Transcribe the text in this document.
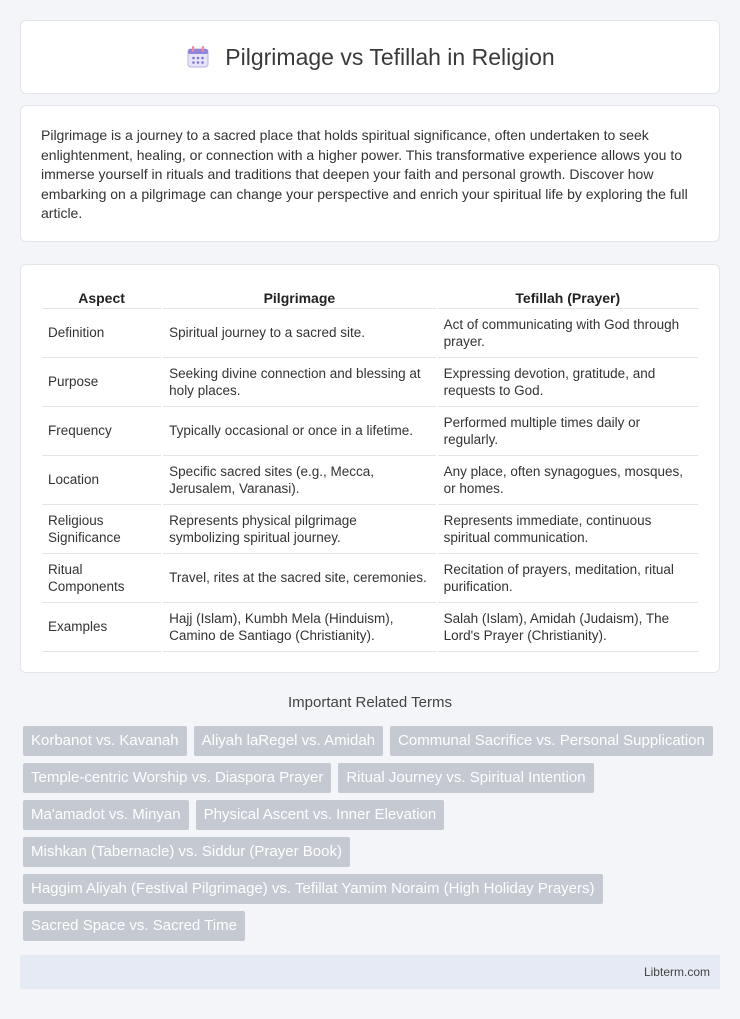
Pilgrimage vs Tefillah in Religion

Pilgrimage is a journey to a sacred place that holds spiritual significance, often undertaken to seek enlightenment, healing, or connection with a higher power. This transformative experience allows you to immerse yourself in rituals and traditions that deepen your faith and personal growth. Discover how embarking on a pilgrimage can change your perspective and enrich your spiritual life by exploring the full article.

Aspect	Pilgrimage	Tefillah (Prayer)
Definition	Spiritual journey to a sacred site.	Act of communicating with God through prayer.
Purpose	Seeking divine connection and blessing at holy places.	Expressing devotion, gratitude, and requests to God.
Frequency	Typically occasional or once in a lifetime.	Performed multiple times daily or regularly.
Location	Specific sacred sites (e.g., Mecca, Jerusalem, Varanasi).	Any place, often synagogues, mosques, or homes.
Religious Significance	Represents physical pilgrimage symbolizing spiritual journey.	Represents immediate, continuous spiritual communication.
Ritual Components	Travel, rites at the sacred site, ceremonies.	Recitation of prayers, meditation, ritual purification.
Examples	Hajj (Islam), Kumbh Mela (Hinduism), Camino de Santiago (Christianity).	Salah (Islam), Amidah (Judaism), The Lord's Prayer (Christianity).
Important Related Terms
Korbanot vs. Kavanah	Aliyah laRegel vs. Amidah	Communal Sacrifice vs. Personal Supplication
Temple-centric Worship vs. Diaspora Prayer	Ritual Journey vs. Spiritual Intention
Ma'amadot vs. Minyan	Physical Ascent vs. Inner Elevation
Mishkan (Tabernacle) vs. Siddur (Prayer Book)
Haggim Aliyah (Festival Pilgrimage) vs. Tefillat Yamim Noraim (High Holiday Prayers)
Sacred Space vs. Sacred Time
Libterm.com
